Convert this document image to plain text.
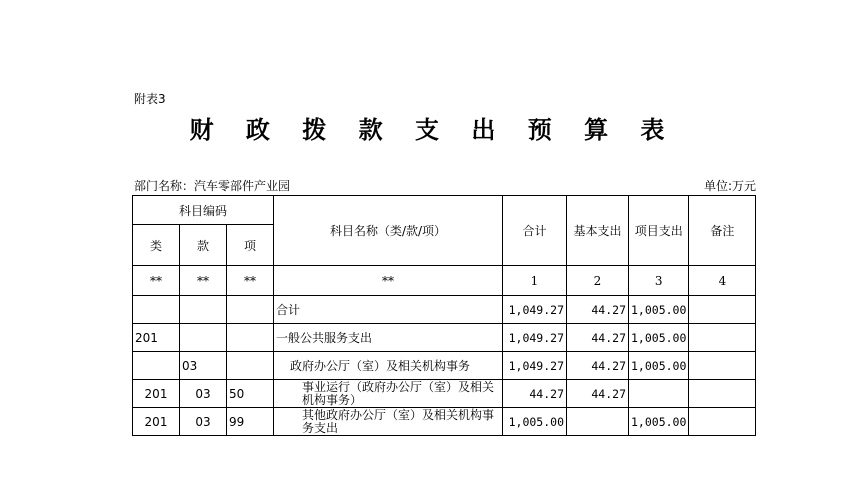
附表3
财 政 拨 款 支 出 预 算 表
部门名称：汽车零部件产业园	单位:万元
科目编码			科目名称（类/款/项）	合计	基本支出	项目支出	备注
类	款	项					
**	**	**	**	1	2	3	4
			合计	1,049.27	44.27	1,005.00	
201			一般公共服务支出	1,049.27	44.27	1,005.00	
	03		政府办公厅（室）及相关机构事务	1,049.27	44.27	1,005.00	
201	03	50	事业运行（政府办公厅（室）及相关机构事务）	44.27	44.27		
201	03	99	其他政府办公厅（室）及相关机构事务支出	1,005.00		1,005.00	
